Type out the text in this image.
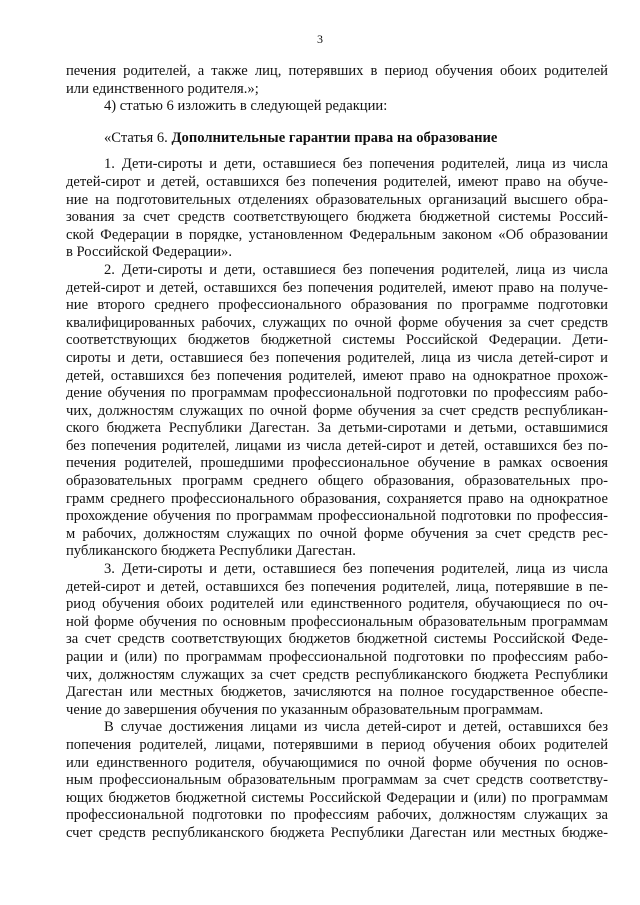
3
печения родителей, а также лиц, потерявших в период обучения обоих родителей
или единственного родителя.»;
4) статью 6 изложить в следующей редакции:
«Статья 6. Дополнительные гарантии права на образование
1. Дети-сироты и дети, оставшиеся без попечения родителей, лица из числа
детей-сирот и детей, оставшихся без попечения родителей, имеют право на обуче-
ние на подготовительных отделениях образовательных организаций высшего обра-
зования за счет средств соответствующего бюджета бюджетной системы Россий-
ской Федерации в порядке, установленном Федеральным законом «Об образовании
в Российской Федерации».
2. Дети-сироты и дети, оставшиеся без попечения родителей, лица из числа
детей-сирот и детей, оставшихся без попечения родителей, имеют право на получе-
ние второго среднего профессионального образования по программе подготовки
квалифицированных рабочих, служащих по очной форме обучения за счет средств
соответствующих бюджетов бюджетной системы Российской Федерации. Дети-
сироты и дети, оставшиеся без попечения родителей, лица из числа детей-сирот и
детей, оставшихся без попечения родителей, имеют право на однократное прохож-
дение обучения по программам профессиональной подготовки по профессиям рабо-
чих, должностям служащих по очной форме обучения за счет средств республикан-
ского бюджета Республики Дагестан. За детьми-сиротами и детьми, оставшимися
без попечения родителей, лицами из числа детей-сирот и детей, оставшихся без по-
печения родителей, прошедшими профессиональное обучение в рамках освоения
образовательных программ среднего общего образования, образовательных про-
грамм среднего профессионального образования, сохраняется право на однократное
прохождение обучения по программам профессиональной подготовки по профессия-
м рабочих, должностям служащих по очной форме обучения за счет средств рес-
публиканского бюджета Республики Дагестан.
3. Дети-сироты и дети, оставшиеся без попечения родителей, лица из числа
детей-сирот и детей, оставшихся без попечения родителей, лица, потерявшие в пе-
риод обучения обоих родителей или единственного родителя, обучающиеся по оч-
ной форме обучения по основным профессиональным образовательным программам
за счет средств соответствующих бюджетов бюджетной системы Российской Феде-
рации и (или) по программам профессиональной подготовки по профессиям рабо-
чих, должностям служащих за счет средств республиканского бюджета Республики
Дагестан или местных бюджетов, зачисляются на полное государственное обеспе-
чение до завершения обучения по указанным образовательным программам.
В случае достижения лицами из числа детей-сирот и детей, оставшихся без
попечения родителей, лицами, потерявшими в период обучения обоих родителей
или единственного родителя, обучающимися по очной форме обучения по основ-
ным профессиональным образовательным программам за счет средств соответству-
ющих бюджетов бюджетной системы Российской Федерации и (или) по программам
профессиональной подготовки по профессиям рабочих, должностям служащих за
счет средств республиканского бюджета Республики Дагестан или местных бюдже-
